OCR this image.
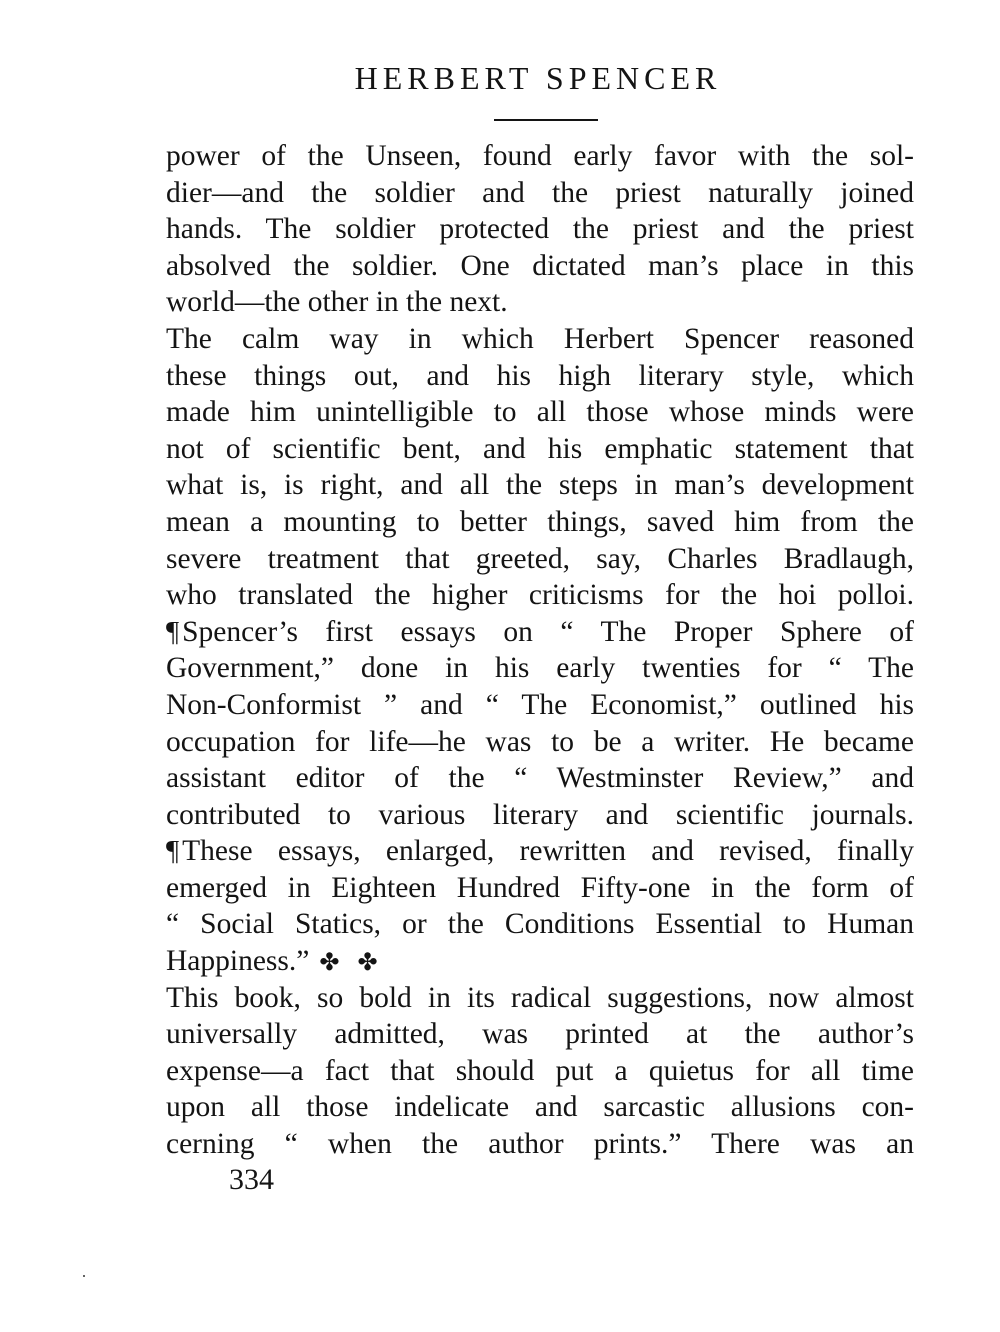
HERBERT SPENCER
power of the Unseen, found early favor with the sol-
dier—and the soldier and the priest naturally joined
hands. The soldier protected the priest and the priest
absolved the soldier. One dictated man’s place in this
world—the other in the next.
The calm way in which Herbert Spencer reasoned
these things out, and his high literary style, which
made him unintelligible to all those whose minds were
not of scientific bent, and his emphatic statement that
what is, is right, and all the steps in man’s development
mean a mounting to better things, saved him from the
severe treatment that greeted, say, Charles Bradlaugh,
who translated the higher criticisms for the hoi polloi.
¶ Spencer’s first essays on “ The Proper Sphere of
Government,” done in his early twenties for “ The
Non-Conformist ” and “ The Economist,” outlined his
occupation for life—he was to be a writer. He became
assistant editor of the “ Westminster Review,” and
contributed to various literary and scientific journals.
¶ These essays, enlarged, rewritten and revised, finally
emerged in Eighteen Hundred Fifty-one in the form of
“ Social Statics, or the Conditions Essential to Human
Happiness.” ✤ ✤
This book, so bold in its radical suggestions, now almost
universally admitted, was printed at the author’s
expense—a fact that should put a quietus for all time
upon all those indelicate and sarcastic allusions con-
cerning “ when the author prints.” There was an
334
